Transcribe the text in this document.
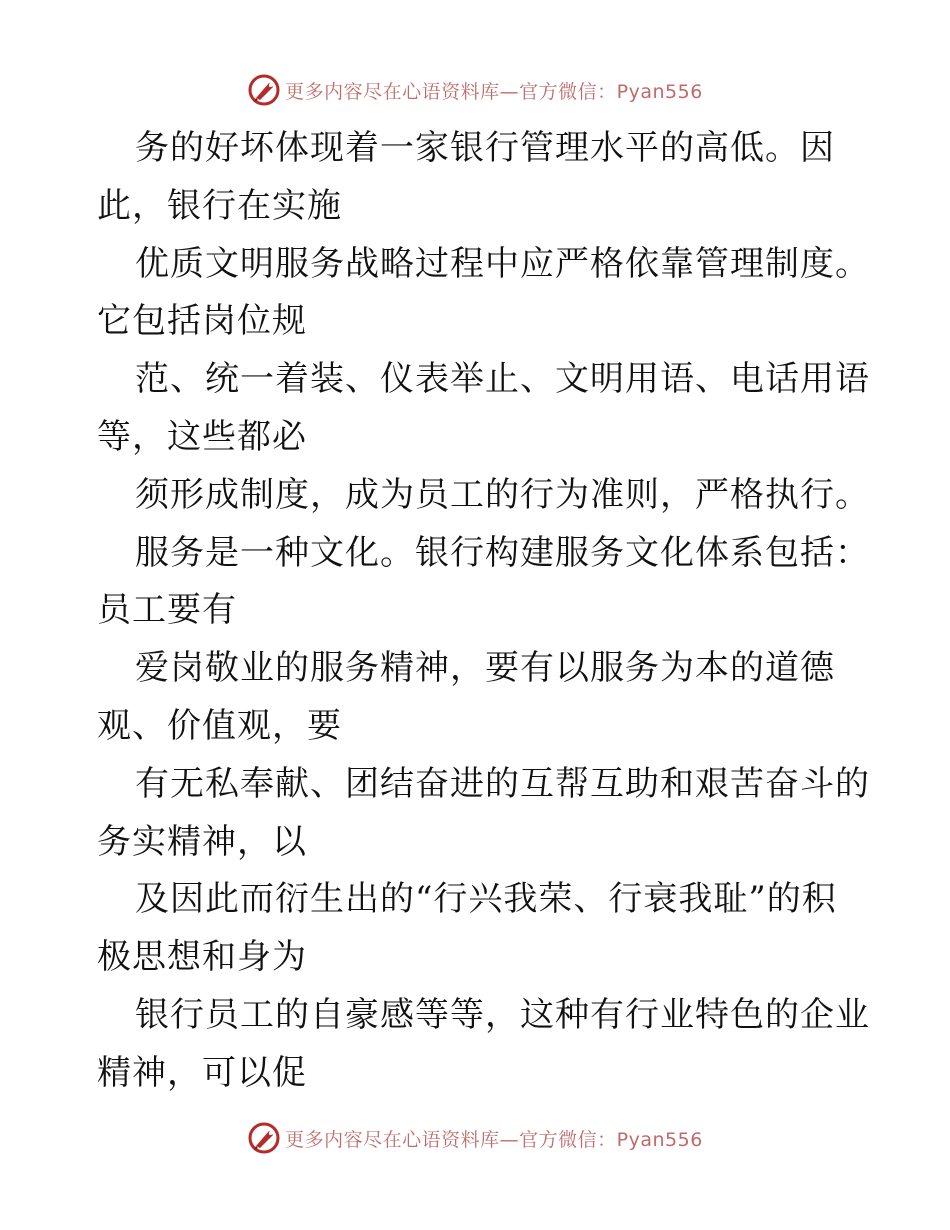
更多内容尽在心语资料库—官方微信：Pyan556
务的好坏体现着一家银行管理水平的高低。因
此，银行在实施
优质文明服务战略过程中应严格依靠管理制度。
它包括岗位规
范、统一着装、仪表举止、文明用语、电话用语
等，这些都必
须形成制度，成为员工的行为准则，严格执行。
服务是一种文化。银行构建服务文化体系包括：
员工要有
爱岗敬业的服务精神，要有以服务为本的道德
观、价值观，要
有无私奉献、团结奋进的互帮互助和艰苦奋斗的
务实精神，以
及因此而衍生出的“行兴我荣、行衰我耻”的积
极思想和身为
银行员工的自豪感等等，这种有行业特色的企业
精神，可以促
更多内容尽在心语资料库—官方微信：Pyan556
